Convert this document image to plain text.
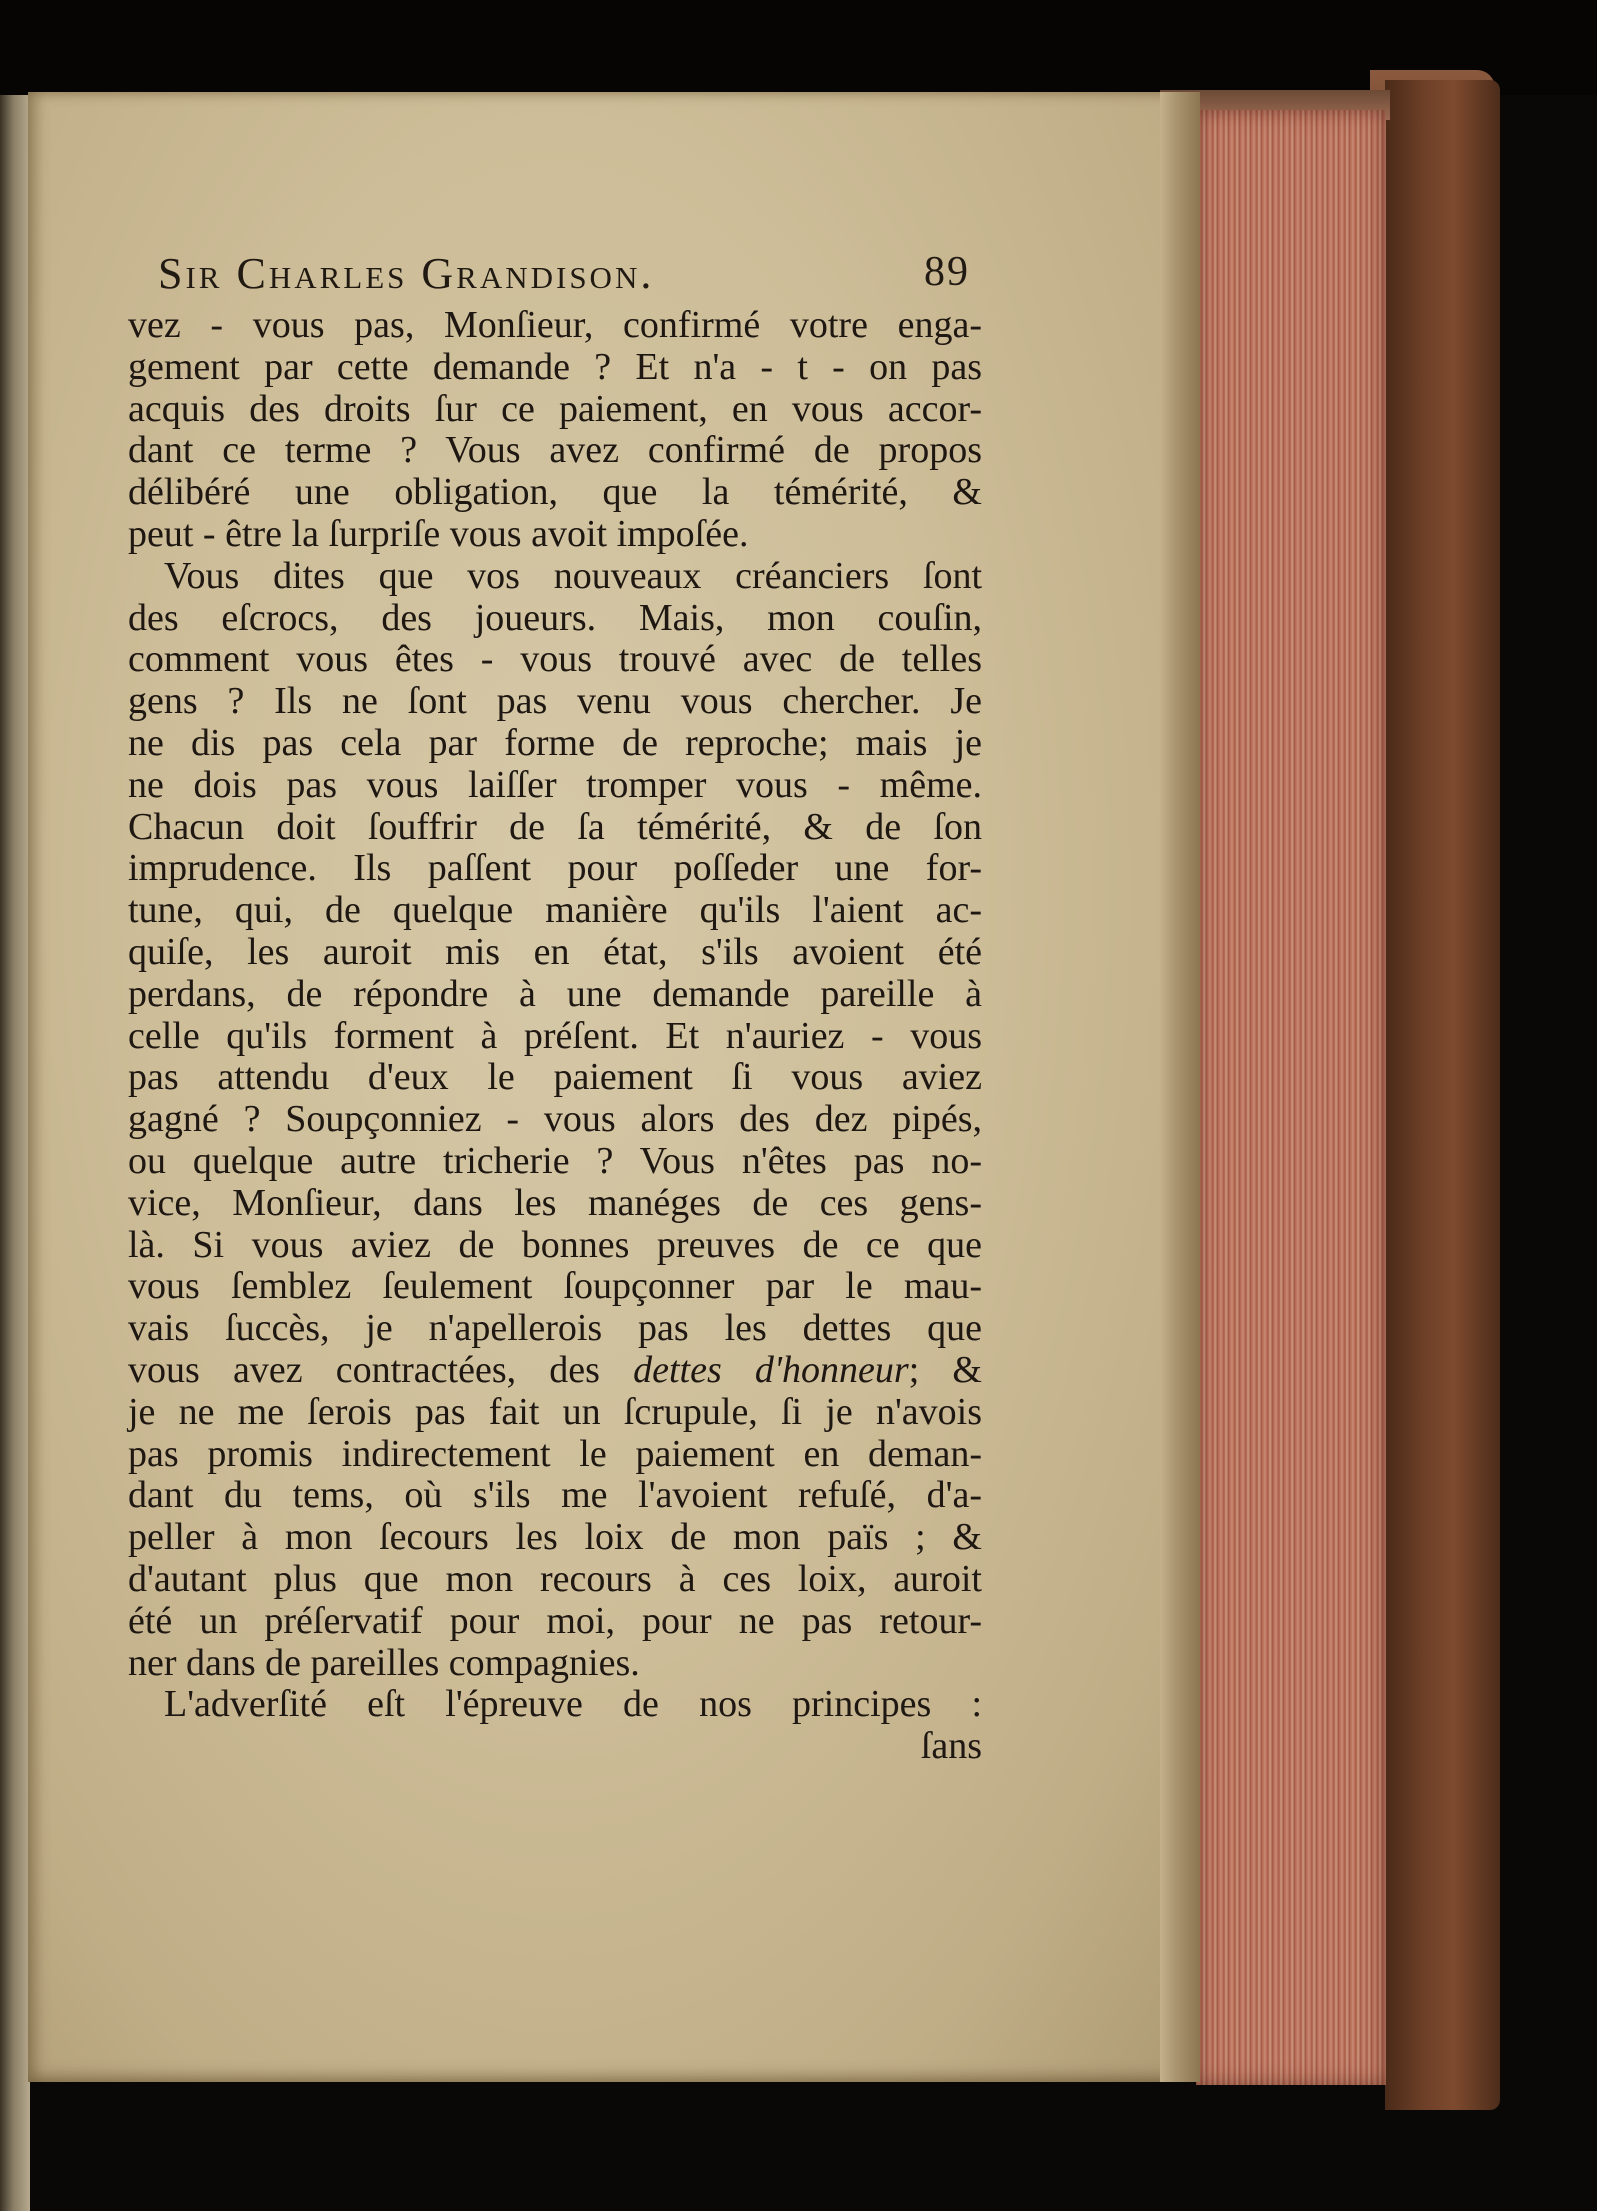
Sir Charles Grandison.	89
vez - vous pas, Monſieur, confirmé votre enga-
gement par cette demande ? Et n'a - t - on pas
acquis des droits ſur ce paiement, en vous accor-
dant ce terme ? Vous avez confirmé de propos
délibéré une obligation, que la témérité, &
peut - être la ſurpriſe vous avoit impoſée.
Vous dites que vos nouveaux créanciers ſont
des eſcrocs, des joueurs. Mais, mon couſin,
comment vous êtes - vous trouvé avec de telles
gens ? Ils ne ſont pas venu vous chercher. Je
ne dis pas cela par forme de reproche; mais je
ne dois pas vous laiſſer tromper vous - même.
Chacun doit ſouffrir de ſa témérité, & de ſon
imprudence. Ils paſſent pour poſſeder une for-
tune, qui, de quelque manière qu'ils l'aient ac-
quiſe, les auroit mis en état, s'ils avoient été
perdans, de répondre à une demande pareille à
celle qu'ils forment à préſent. Et n'auriez - vous
pas attendu d'eux le paiement ſi vous aviez
gagné ? Soupçonniez - vous alors des dez pipés,
ou quelque autre tricherie ? Vous n'êtes pas no-
vice, Monſieur, dans les manéges de ces gens-
là. Si vous aviez de bonnes preuves de ce que
vous ſemblez ſeulement ſoupçonner par le mau-
vais ſuccès, je n'apellerois pas les dettes que
vous avez contractées, des dettes d'honneur; &
je ne me ſerois pas fait un ſcrupule, ſi je n'avois
pas promis indirectement le paiement en deman-
dant du tems, où s'ils me l'avoient refuſé, d'a-
peller à mon ſecours les loix de mon païs ; &
d'autant plus que mon recours à ces loix, auroit
été un préſervatif pour moi, pour ne pas retour-
ner dans de pareilles compagnies.
L'adverſité eſt l'épreuve de nos principes :
ſans
